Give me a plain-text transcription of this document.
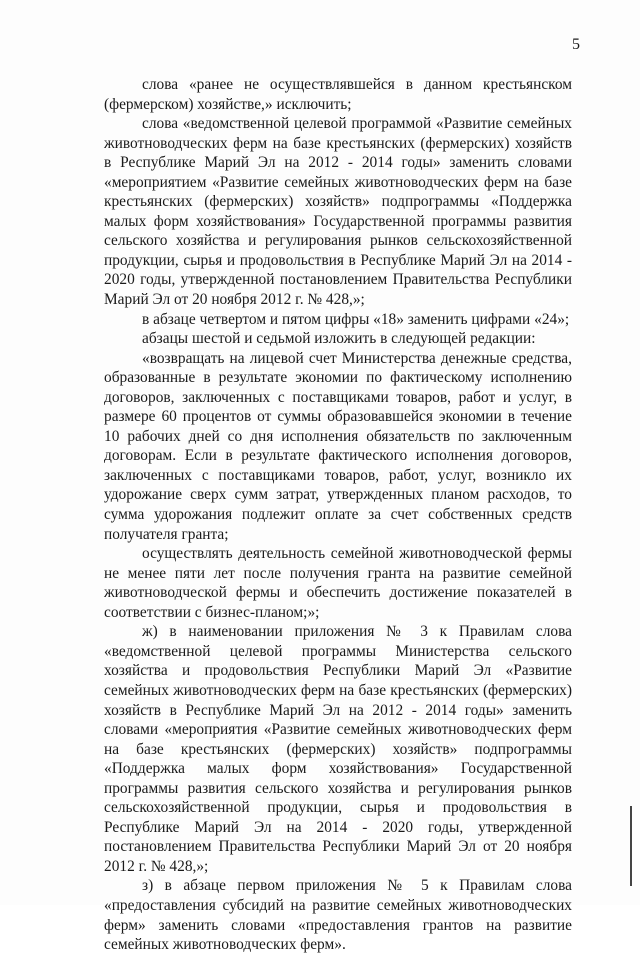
5

слова «ранее не осуществлявшейся в данном крестьянском (фермерском) хозяйстве,» исключить;

слова «ведомственной целевой программой «Развитие семейных животноводческих ферм на базе крестьянских (фермерских) хозяйств в Республике Марий Эл на 2012 - 2014 годы» заменить словами «мероприятием «Развитие семейных животноводческих ферм на базе крестьянских (фермерских) хозяйств» подпрограммы «Поддержка малых форм хозяйствования» Государственной программы развития сельского хозяйства и регулирования рынков сельскохозяйственной продукции, сырья и продовольствия в Республике Марий Эл на 2014 - 2020 годы, утвержденной постановлением Правительства Республики Марий Эл от 20 ноября 2012 г. № 428,»;

в абзаце четвертом и пятом цифры «18» заменить цифрами «24»;

абзацы шестой и седьмой изложить в следующей редакции:

«возвращать на лицевой счет Министерства денежные средства, образованные в результате экономии по фактическому исполнению договоров, заключенных с поставщиками товаров, работ и услуг, в размере 60 процентов от суммы образовавшейся экономии в течение 10 рабочих дней со дня исполнения обязательств по заключенным договорам. Если в результате фактического исполнения договоров, заключенных с поставщиками товаров, работ, услуг, возникло их удорожание сверх сумм затрат, утвержденных планом расходов, то сумма удорожания подлежит оплате за счет собственных средств получателя гранта;

осуществлять деятельность семейной животноводческой фермы не менее пяти лет после получения гранта на развитие семейной животноводческой фермы и обеспечить достижение показателей в соответствии с бизнес-планом;»;

ж) в наименовании приложения № 3 к Правилам слова «ведомственной целевой программы Министерства сельского хозяйства и продовольствия Республики Марий Эл «Развитие семейных животноводческих ферм на базе крестьянских (фермерских) хозяйств в Республике Марий Эл на 2012 - 2014 годы» заменить словами «мероприятия «Развитие семейных животноводческих ферм на базе крестьянских (фермерских) хозяйств» подпрограммы «Поддержка малых форм хозяйствования» Государственной программы развития сельского хозяйства и регулирования рынков сельскохозяйственной продукции, сырья и продовольствия в Республике Марий Эл на 2014 - 2020 годы, утвержденной постановлением Правительства Республики Марий Эл от 20 ноября 2012 г. № 428,»;

з) в абзаце первом приложения № 5 к Правилам слова «предоставления субсидий на развитие семейных животноводческих ферм» заменить словами «предоставления грантов на развитие семейных животноводческих ферм».
